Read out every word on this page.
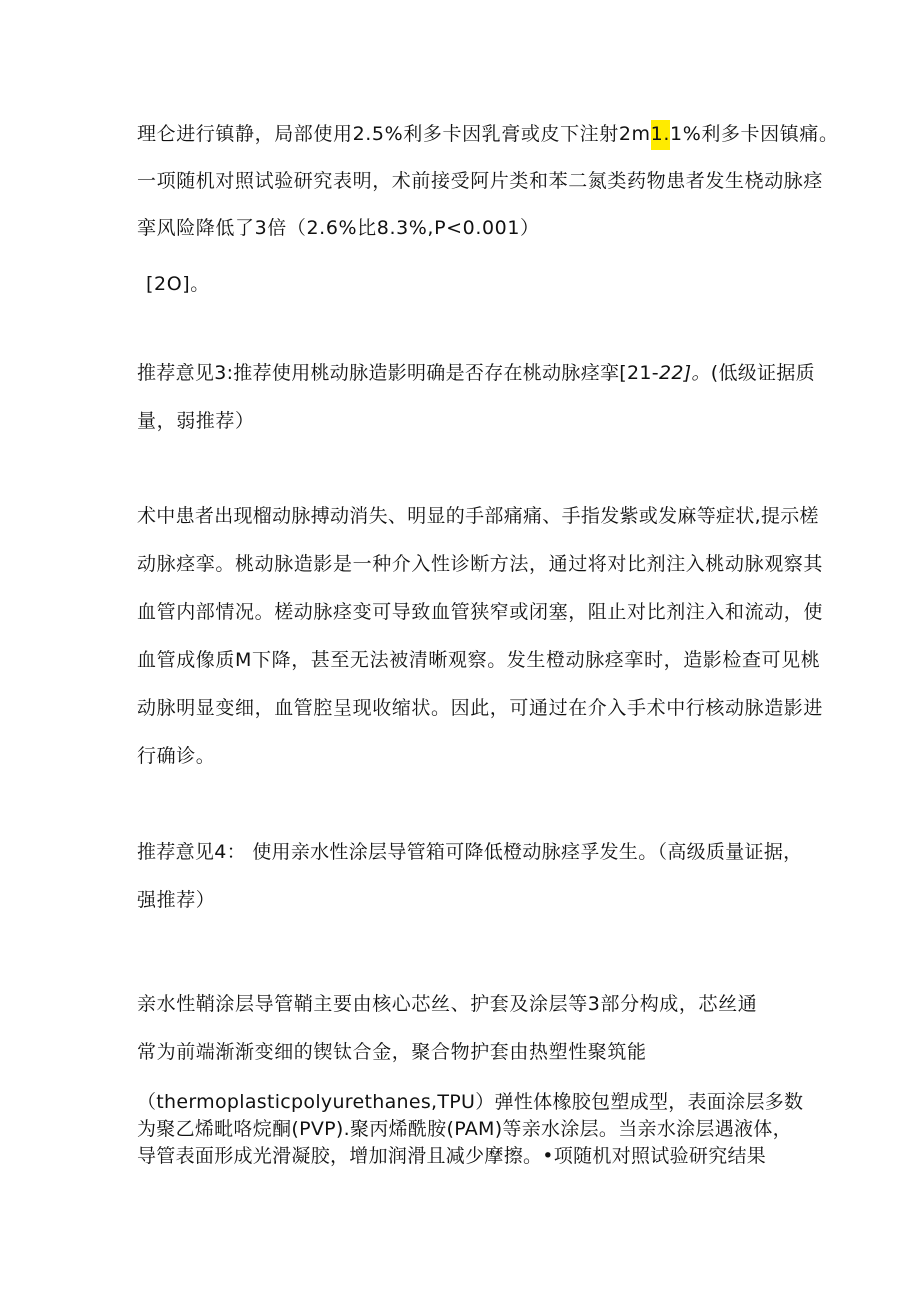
理仑进行镇静，局部使用2.5%利多卡因乳膏或皮下注射2m1.1%利多卡因镇痛。
一项随机对照试验研究表明，术前接受阿片类和苯二氮类药物患者发生桡动脉痉
挛风险降低了3倍（2.6%比8.3%,P<0.001）
[2O]。
推荐意见3:推荐使用桃动脉造影明确是否存在桃动脉痉挛[21-22]。(低级证据质
量，弱推荐）
术中患者出现榴动脉搏动消失、明显的手部痛痛、手指发紫或发麻等症状,提示槎
动脉痉挛。桃动脉造影是一种介入性诊断方法，通过将对比剂注入桃动脉观察其
血管内部情况。槎动脉痉变可导致血管狭窄或闭塞，阻止对比剂注入和流动，使
血管成像质M下降，甚至无法被清晰观察。发生橙动脉痉挛时，造影检查可见桃
动脉明显变细，血管腔呈现收缩状。因此，可通过在介入手术中行核动脉造影进
行确诊。
推荐意见4： 使用亲水性涂层导管箱可降低橙动脉痉孚发生。（高级质量证据，
强推荐）
亲水性鞘涂层导管鞘主要由核心芯丝、护套及涂层等3部分构成，芯丝通
常为前端渐渐变细的锲钛合金，聚合物护套由热塑性聚筑能
（thermoplasticpolyurethanes,TPU）弹性体橡胶包塑成型，表面涂层多数
为聚乙烯毗咯烷酮(PVP).聚丙烯酰胺(PAM)等亲水涂层。当亲水涂层遇液体，
导管表面形成光滑凝胶，增加润滑且减少摩擦。•项随机对照试验研究结果
